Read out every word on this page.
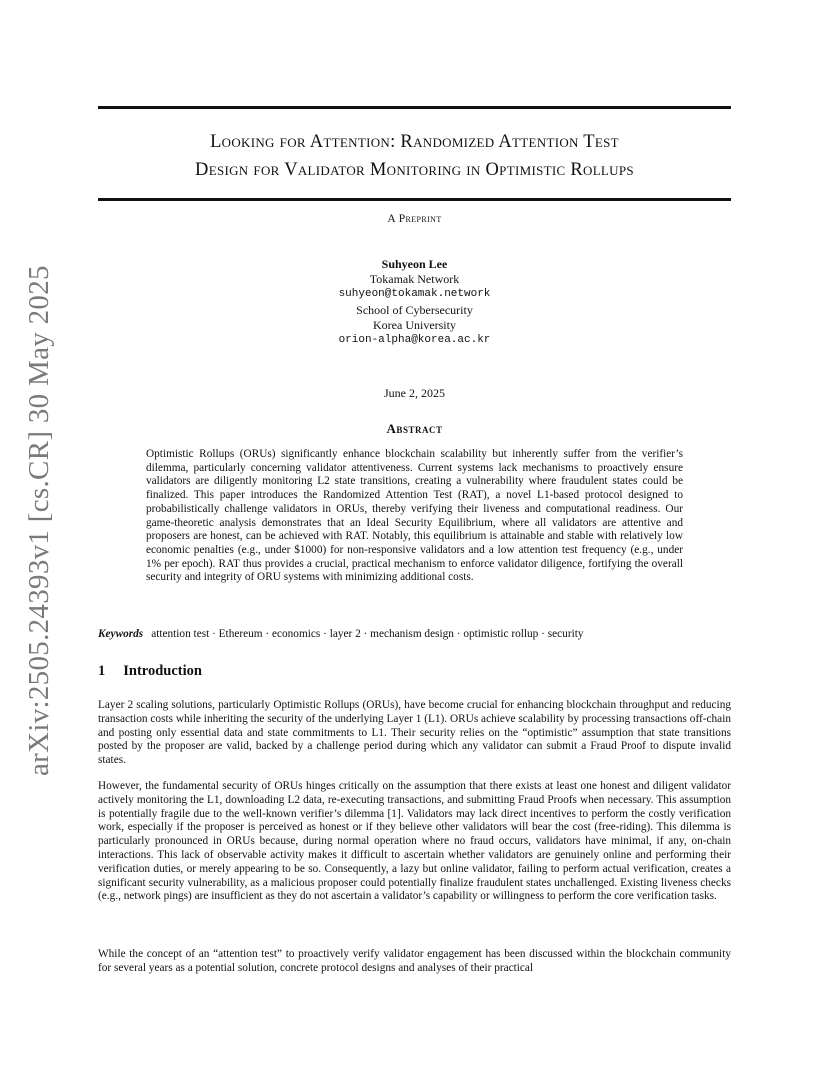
Looking for Attention: Randomized Attention Test
Design for Validator Monitoring in Optimistic Rollups
A Preprint
Suhyeon Lee
Tokamak Network
suhyeon@tokamak.network
School of Cybersecurity
Korea University
orion-alpha@korea.ac.kr
June 2, 2025
Abstract

Optimistic Rollups (ORUs) significantly enhance blockchain scalability but inherently suffer from the verifier’s dilemma, particularly concerning validator attentiveness. Current systems lack mechanisms to proactively ensure validators are diligently monitoring L2 state transitions, creating a vulnerability where fraudulent states could be finalized. This paper introduces the Randomized Attention Test (RAT), a novel L1-based protocol designed to probabilistically challenge validators in ORUs, thereby verifying their liveness and computational readiness. Our game-theoretic analysis demonstrates that an Ideal Security Equilibrium, where all validators are attentive and proposers are honest, can be achieved with RAT. Notably, this equilibrium is attainable and stable with relatively low economic penalties (e.g., under $1000) for non-responsive validators and a low attention test frequency (e.g., under 1% per epoch). RAT thus provides a crucial, practical mechanism to enforce validator diligence, fortifying the overall security and integrity of ORU systems with minimizing additional costs.

Keywords attention test · Ethereum · economics · layer 2 · mechanism design · optimistic rollup · security
1 Introduction

Layer 2 scaling solutions, particularly Optimistic Rollups (ORUs), have become crucial for enhancing blockchain throughput and reducing transaction costs while inheriting the security of the underlying Layer 1 (L1). ORUs achieve scalability by processing transactions off-chain and posting only essential data and state commitments to L1. Their security relies on the “optimistic” assumption that state transitions posted by the proposer are valid, backed by a challenge period during which any validator can submit a Fraud Proof to dispute invalid states.

However, the fundamental security of ORUs hinges critically on the assumption that there exists at least one honest and diligent validator actively monitoring the L1, downloading L2 data, re-executing transactions, and submitting Fraud Proofs when necessary. This assumption is potentially fragile due to the well-known verifier’s dilemma [1]. Validators may lack direct incentives to perform the costly verification work, especially if the proposer is perceived as honest or if they believe other validators will bear the cost (free-riding). This dilemma is particularly pronounced in ORUs because, during normal operation where no fraud occurs, validators have minimal, if any, on-chain interactions. This lack of observable activity makes it difficult to ascertain whether validators are genuinely online and performing their verification duties, or merely appearing to be so. Consequently, a lazy but online validator, failing to perform actual verification, creates a significant security vulnerability, as a malicious proposer could potentially finalize fraudulent states unchallenged. Existing liveness checks (e.g., network pings) are insufficient as they do not ascertain a validator’s capability or willingness to perform the core verification tasks.

While the concept of an “attention test” to proactively verify validator engagement has been discussed within the blockchain community for several years as a potential solution, concrete protocol designs and analyses of their practical

arXiv:2505.24393v1 [cs.CR] 30 May 2025
